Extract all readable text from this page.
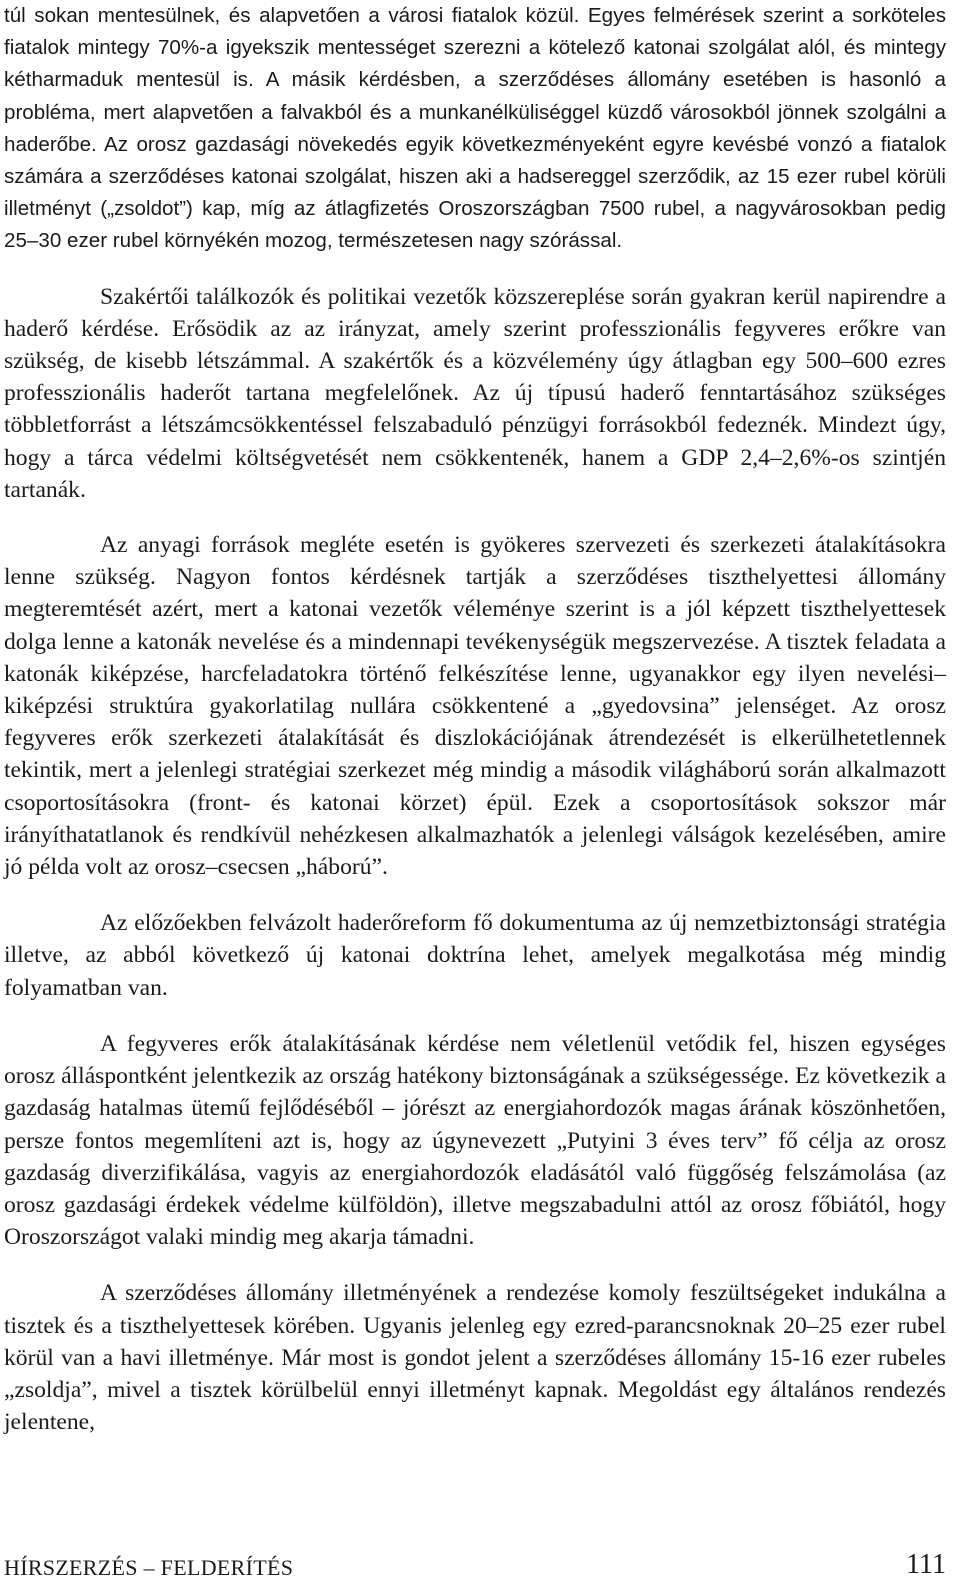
túl sokan mentesülnek, és alapvetően a városi fiatalok közül. Egyes felmérések szerint a sorköteles fiatalok mintegy 70%-a igyekszik mentességet szerezni a kötelező katonai szolgálat alól, és mintegy kétharmaduk mentesül is. A másik kérdésben, a szerződéses állomány esetében is hasonló a probléma, mert alapvetően a falvakból és a munkanélküliséggel küzdő városokból jönnek szolgálni a haderőbe. Az orosz gazdasági növekedés egyik következményeként egyre kevésbé vonzó a fiatalok számára a szerződéses katonai szolgálat, hiszen aki a hadsereggel szerződik, az 15 ezer rubel körüli illetményt („zsoldot”) kap, míg az átlagfizetés Oroszországban 7500 rubel, a nagyvárosokban pedig 25–30 ezer rubel környékén mozog, természetesen nagy szórással.

Szakértői találkozók és politikai vezetők közszereplése során gyakran kerül napirendre a haderő kérdése. Erősödik az az irányzat, amely szerint professzionális fegyveres erőkre van szükség, de kisebb létszámmal. A szakértők és a közvélemény úgy átlagban egy 500–600 ezres professzionális haderőt tartana megfelelőnek. Az új típusú haderő fenntartásához szükséges többletforrást a létszámcsökkentéssel felszabaduló pénzügyi forrásokból fedeznék. Mindezt úgy, hogy a tárca védelmi költségvetését nem csökkentenék, hanem a GDP 2,4–2,6%-os szintjén tartanák.

Az anyagi források megléte esetén is gyökeres szervezeti és szerkezeti átalakításokra lenne szükség. Nagyon fontos kérdésnek tartják a szerződéses tiszthelyettesi állomány megteremtését azért, mert a katonai vezetők véleménye szerint is a jól képzett tiszthelyettesek dolga lenne a katonák nevelése és a mindennapi tevékenységük megszervezése. A tisztek feladata a katonák kiképzése, harcfeladatokra történő felkészítése lenne, ugyanakkor egy ilyen nevelési–kiképzési struktúra gyakorlatilag nullára csökkentené a „gyedovsina” jelenséget. Az orosz fegyveres erők szerkezeti átalakítását és diszlokációjának átrendezését is elkerülhetetlennek tekintik, mert a jelenlegi stratégiai szerkezet még mindig a második világháború során alkalmazott csoportosításokra (front- és katonai körzet) épül. Ezek a csoportosítások sokszor már irányíthatatlanok és rendkívül nehézkesen alkalmazhatók a jelenlegi válságok kezelésében, amire jó példa volt az orosz–csecsen „háború”.

Az előzőekben felvázolt haderőreform fő dokumentuma az új nemzetbiztonsági stratégia illetve, az abból következő új katonai doktrína lehet, amelyek megalkotása még mindig folyamatban van.

A fegyveres erők átalakításának kérdése nem véletlenül vetődik fel, hiszen egységes orosz álláspontként jelentkezik az ország hatékony biztonságának a szükségessége. Ez következik a gazdaság hatalmas ütemű fejlődéséből – jórészt az energiahordozók magas árának köszönhetően, persze fontos megemlíteni azt is, hogy az úgynevezett „Putyini 3 éves terv” fő célja az orosz gazdaság diverzifikálása, vagyis az energiahordozók eladásától való függőség felszámolása (az orosz gazdasági érdekek védelme külföldön), illetve megszabadulni attól az orosz főbiától, hogy Oroszországot valaki mindig meg akarja támadni.

A szerződéses állomány illetményének a rendezése komoly feszültségeket indukálna a tisztek és a tiszthelyettesek körében. Ugyanis jelenleg egy ezred-parancsnoknak 20–25 ezer rubel körül van a havi illetménye. Már most is gondot jelent a szerződéses állomány 15-16 ezer rubeles „zsoldja”, mivel a tisztek körülbelül ennyi illetményt kapnak. Megoldást egy általános rendezés jelentene,

HÍRSZERZÉS – FELDERÍTÉS	111
